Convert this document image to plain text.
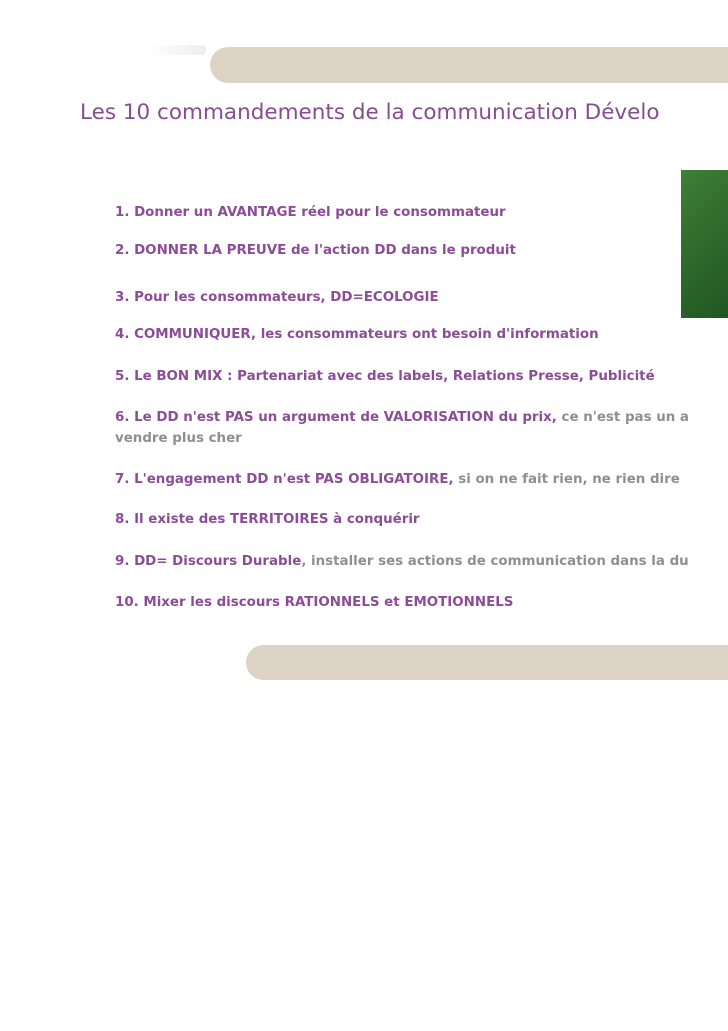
Les 10 commandements de la communication Dévelo
1. Donner un AVANTAGE réel pour le consommateur
2. DONNER LA PREUVE de l'action DD dans le produit
3. Pour les consommateurs, DD=ECOLOGIE
4. COMMUNIQUER, les consommateurs ont besoin d'information
5. Le BON MIX : Partenariat avec des labels, Relations Presse, Publicité
6. Le DD n'est PAS un argument de VALORISATION du prix, ce n'est pas un a
vendre plus cher
7. L'engagement DD n'est PAS OBLIGATOIRE, si on ne fait rien, ne rien dire
8. Il existe des TERRITOIRES à conquérir
9. DD= Discours Durable, installer ses actions de communication dans la du
10. Mixer les discours RATIONNELS et EMOTIONNELS
